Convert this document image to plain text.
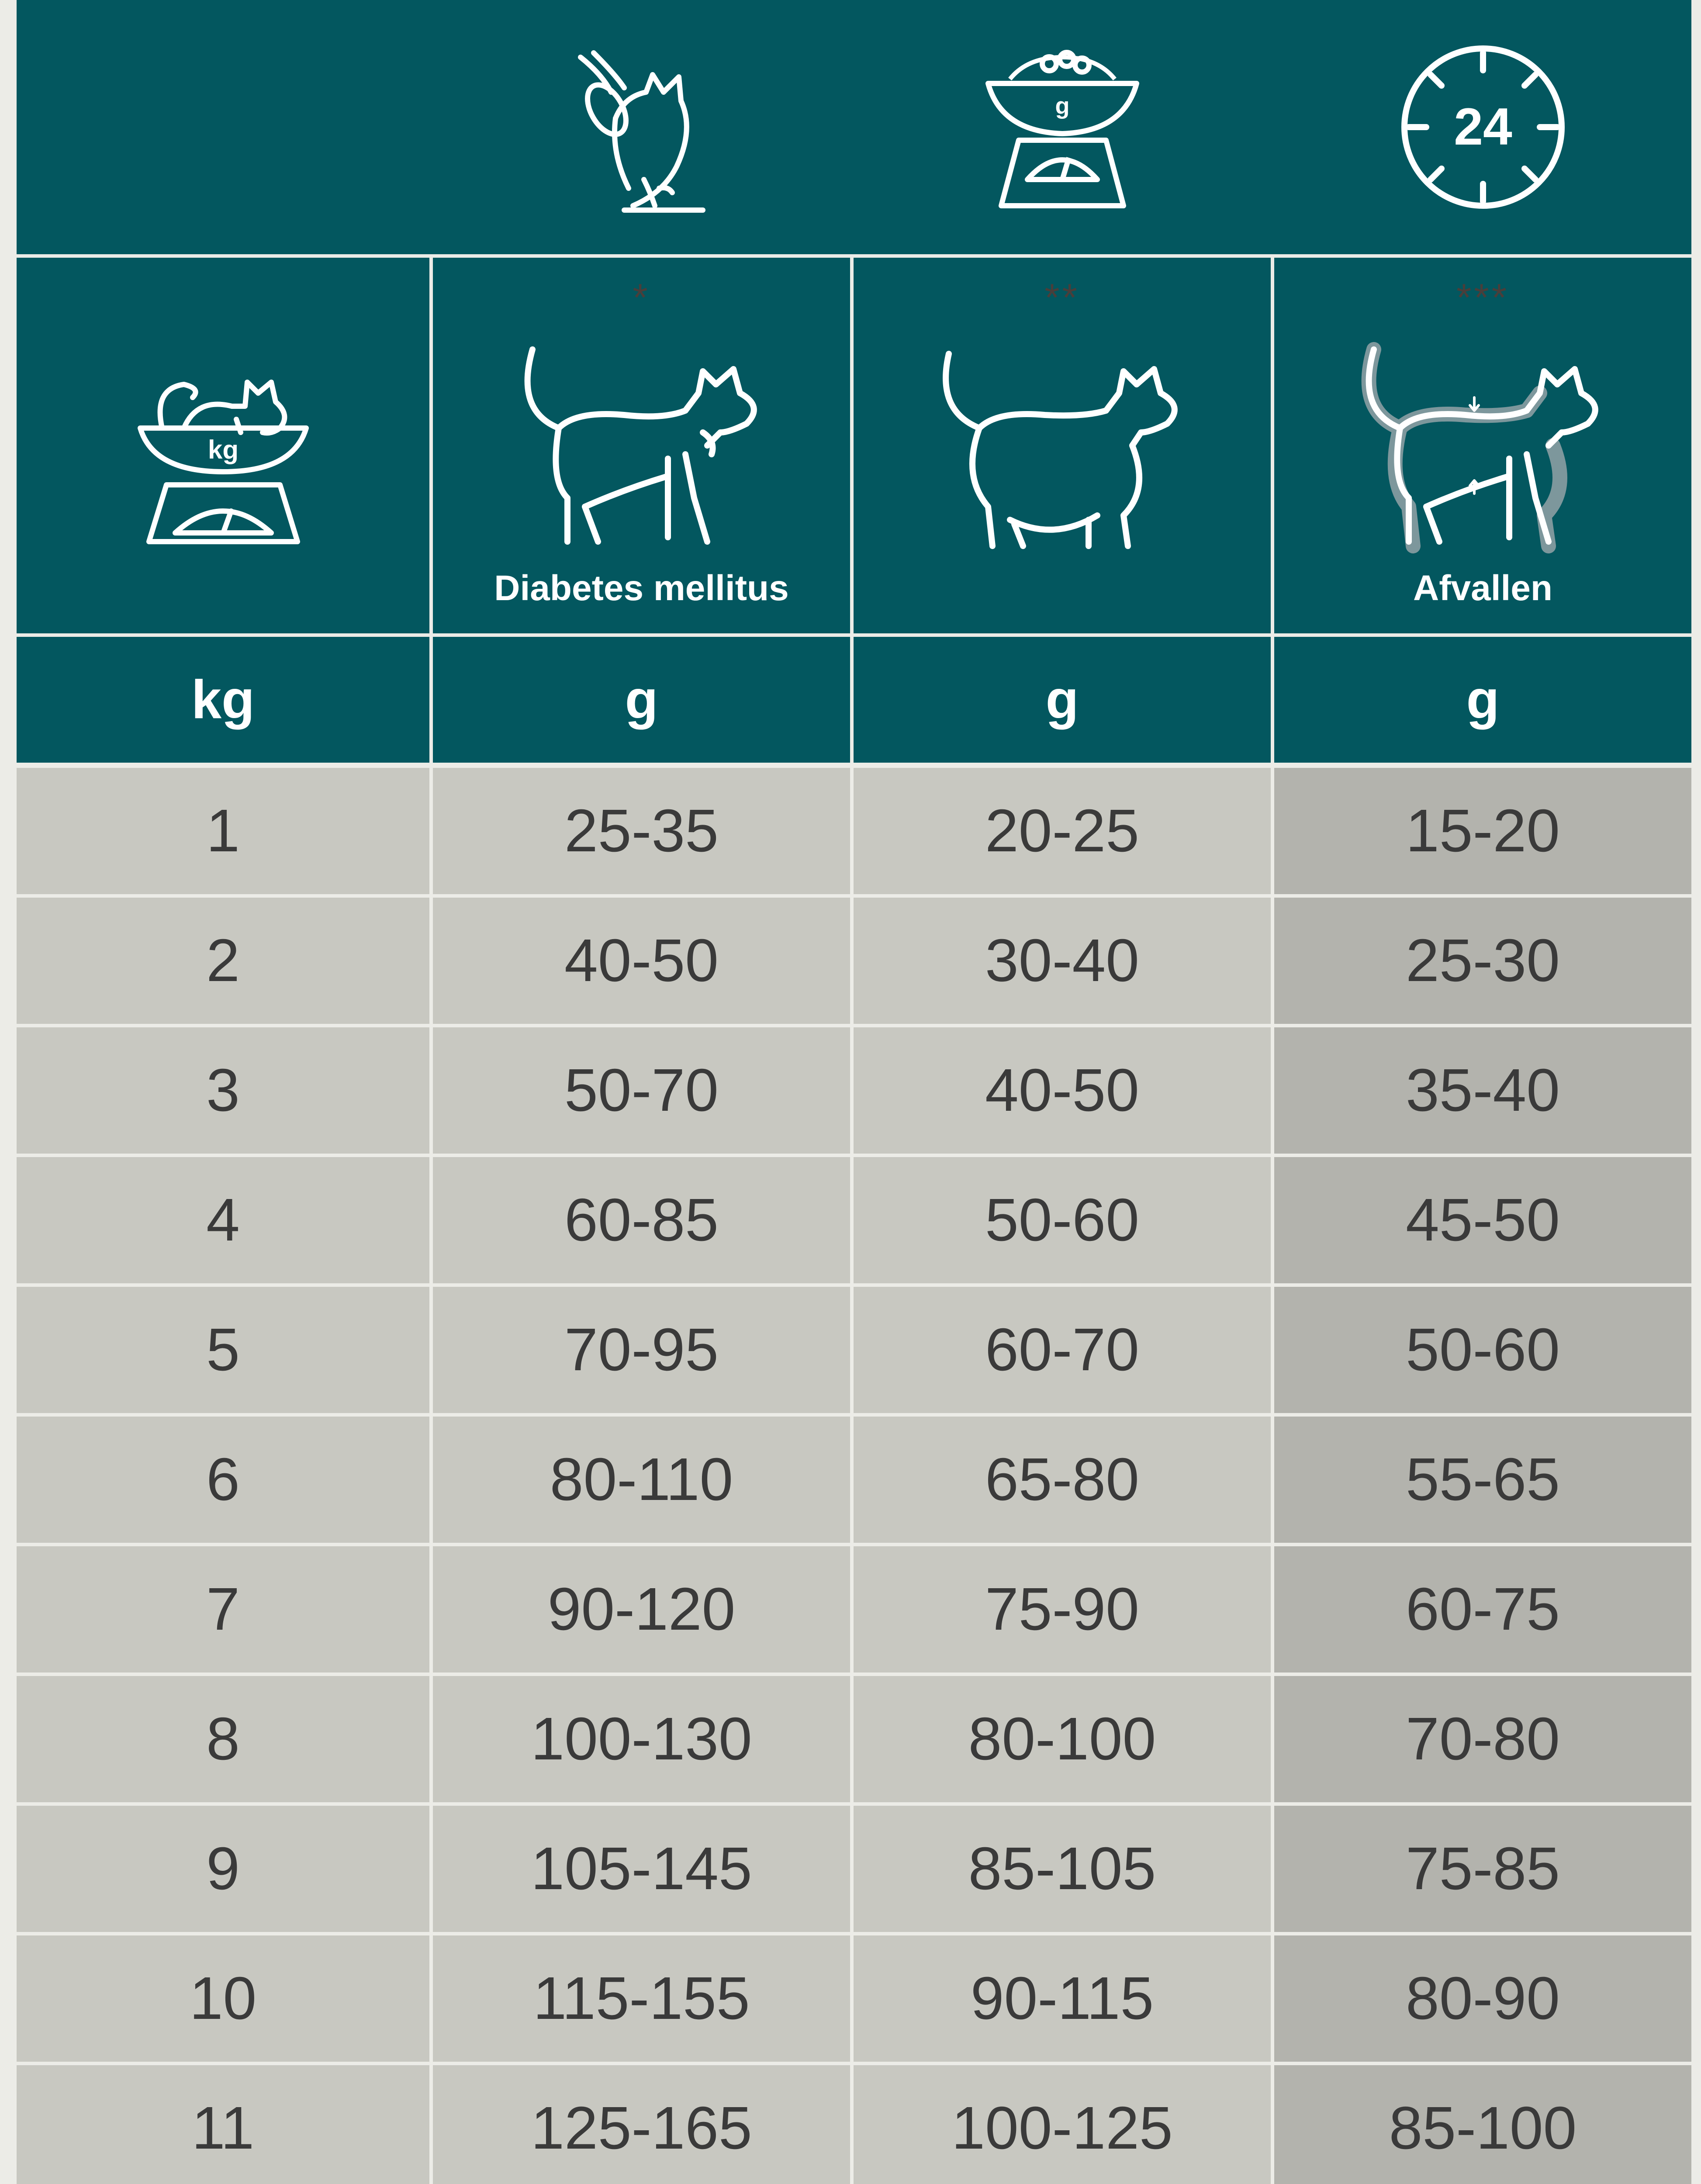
g	24
kg
*
Diabetes mellitus
**	***
Afvallen
kg	g	g	g
1	25-35	20-25	15-20
2	40-50	30-40	25-30
3	50-70	40-50	35-40
4	60-85	50-60	45-50
5	70-95	60-70	50-60
6	80-110	65-80	55-65
7	90-120	75-90	60-75
8	100-130	80-100	70-80
9	105-145	85-105	75-85
10	115-155	90-115	80-90
11	125-165	100-125	85-100
